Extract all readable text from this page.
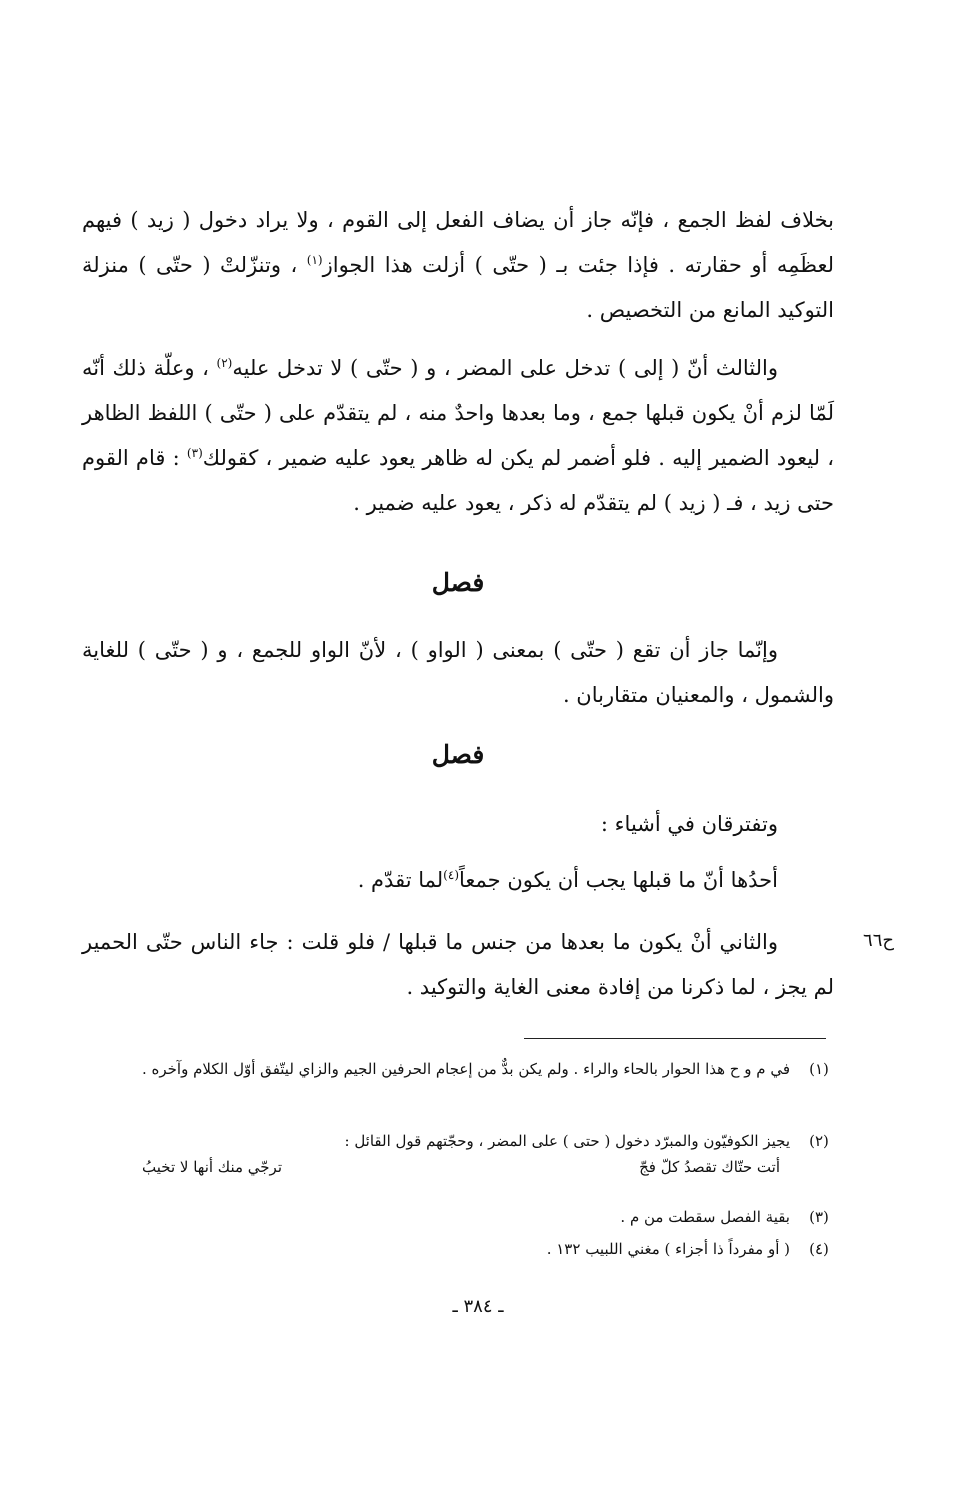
بخلاف لفظ الجمع ، فإنّه جاز أن يضاف الفعل إلى القوم ، ولا يراد دخول ( زيد ) فيهم لعظَمِه أو حقارته . فإذا جئت بـ ( حتّى ) أزلت هذا الجواز$^{(١)}$ ، وتنزّلتْ ( حتّى ) منزلة التوكيد المانع من التخصيص .

والثالث أنّ ( إلى ) تدخل على المضر ، و ( حتّى ) لا تدخل عليه$^{(٢)}$ ، وعلّة ذلك أنّه لَمّا لزم أنْ يكون قبلها جمع ، وما بعدها واحدٌ منه ، لم يتقدّم على ( حتّى ) اللفظ الظاهر ، ليعود الضمير إليه . فلو أضمر لم يكن له ظاهر يعود عليه ضمير ، كقولك$^{(٣)}$ : قام القوم حتى زيد ، فـ ( زيد ) لم يتقدّم له ذكر ، يعود عليه ضمير .

فصل

وإنّما جاز أن تقع ( حتّى ) بمعنى ( الواو ) ، لأنّ الواو للجمع ، و ( حتّى ) للغاية والشمول ، والمعنيان متقاربان .

فصل

وتفترقان في أشياء :

أحدُها أنّ ما قبلها يجب أن يكون جمعاً$^{(٤)}$لما تقدّم .

والثاني أنْ يكون ما بعدها من جنس ما قبلها / فلو قلت : جاء الناس حتّى الحمير لم يجز ، لما ذكرنا من إفادة معنى الغاية والتوكيد .

ح٦٦
(١)
في م و ح هذا الحوار بالحاء والراء . ولم يكن بدٌّ من إعجام الحرفين الجيم والزاي ليتّفق أوّل الكلام وآخره .
(٢)
يجيز الكوفيّون والمبرّد دخول ( حتى ) على المضر ، وحجّتهم قول القائل :
أتت حتّاك تقصدُ كلّ فجّ
ترجّي منك أنها لا تخيبُ
(٣)
بقية الفصل سقطت من م .
(٤)
( أو مفرداً ذا أجزاء ) مغني اللبيب ١٣٢ .
ـ ٣٨٤ ـ
